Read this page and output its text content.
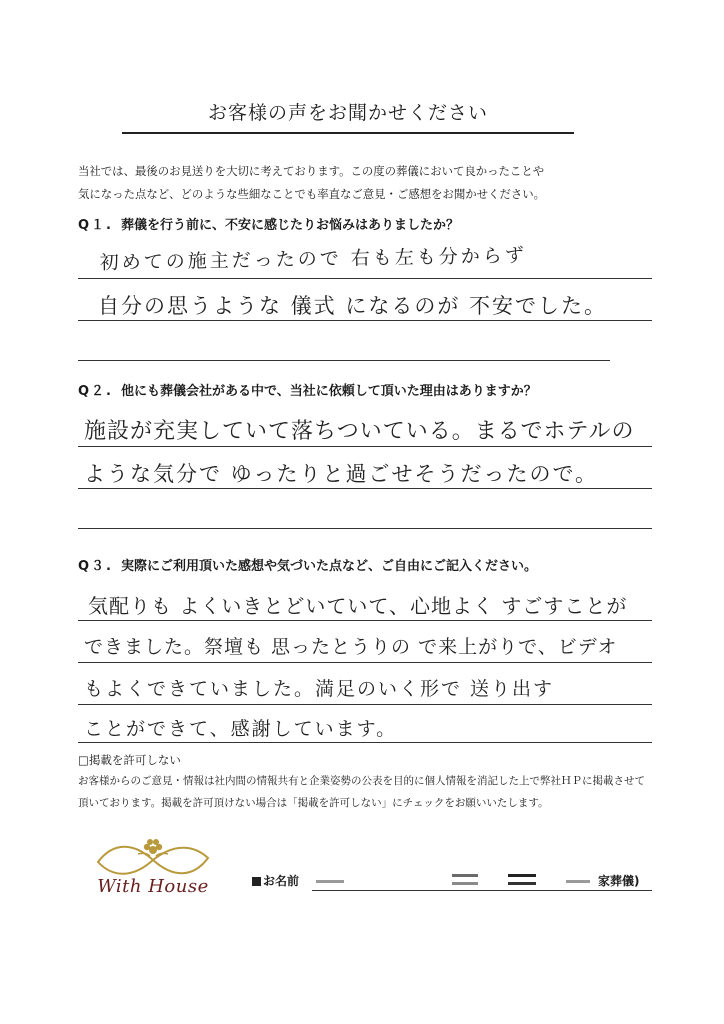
お客様の声をお聞かせください
当社では、最後のお見送りを大切に考えております。この度の葬儀において良かったことや
気になった点など、どのような些細なことでも率直なご意見・ご感想をお聞かせください。
Q１. 葬儀を行う前に、不安に感じたりお悩みはありましたか？
初めての施主だったので 右も左も分からず
自分の思うような 儀式 になるのが 不安でした。
Q２. 他にも葬儀会社がある中で、当社に依頼して頂いた理由はありますか？
施設が充実していて落ちついている。まるでホテルの
ような気分で ゆったりと過ごせそうだったので。
Q３. 実際にご利用頂いた感想や気づいた点など、ご自由にご記入ください。
気配りも よくいきとどいていて、心地よく すごすことが
できました。祭壇も 思ったとうりの で来上がりで、ビデオ
もよくできていました。満足のいく形で 送り出す
ことができて、感謝しています。
□掲載を許可しない
お客様からのご意見・情報は社内間の情報共有と企業姿勢の公表を目的に個人情報を消記した上で弊社ＨＰに掲載させて
頂いております。掲載を許可頂けない場合は「掲載を許可しない」にチェックをお願いいたします。
With House	お名前	家葬儀)
